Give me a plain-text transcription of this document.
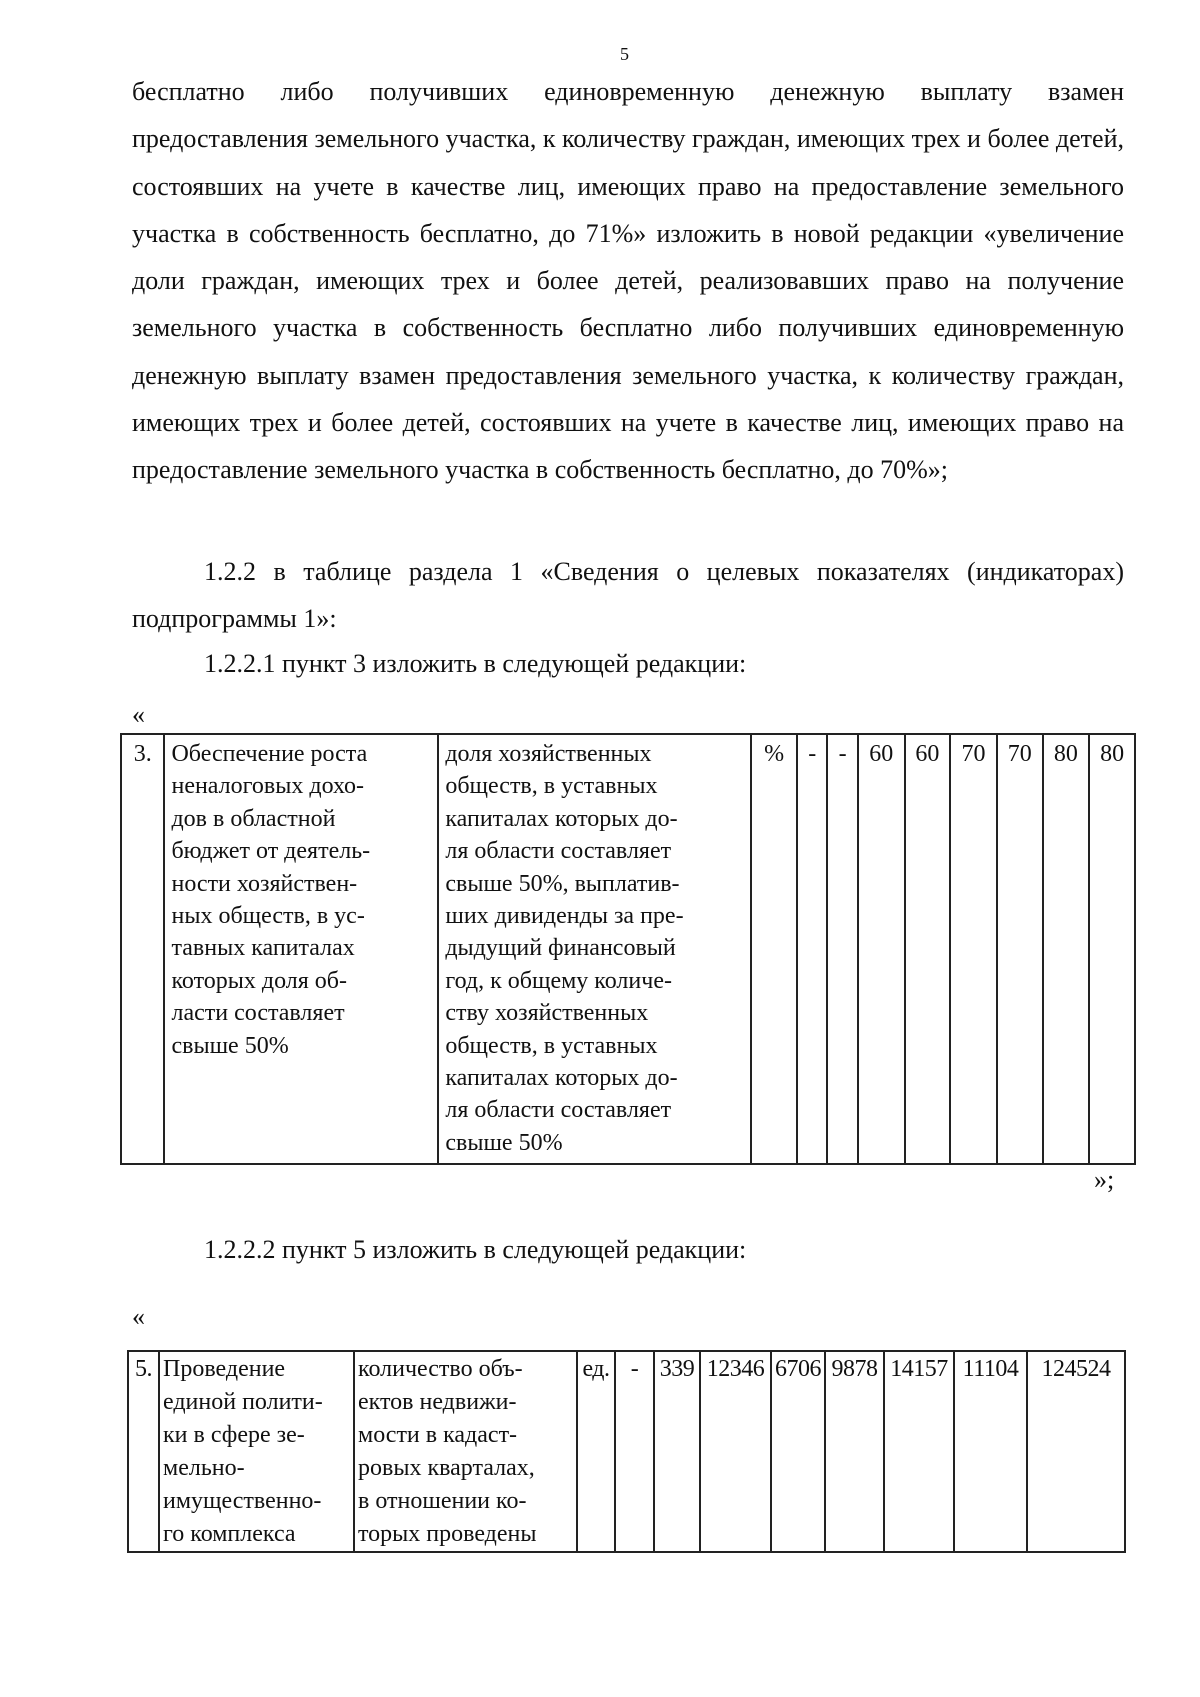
5

бесплатно либо получивших единовременную денежную выплату взамен предоставления земельного участка, к количеству граждан, имеющих трех и более детей, состоявших на учете в качестве лиц, имеющих право на предоставление земельного участка в собственность бесплатно, до 71%» изложить в новой редакции «увеличение доли граждан, имеющих трех и более детей, реализовавших право на получение земельного участка в собственность бесплатно либо получивших единовременную денежную выплату взамен предоставления земельного участка, к количеству граждан, имеющих трех и более детей, состоявших на учете в качестве лиц, имеющих право на предоставление земельного участка в собственность бесплатно, до 70%»;

1.2.2 в таблице раздела 1 «Сведения о целевых показателях (индикаторах) подпрограммы 1»:

1.2.2.1 пункт 3 изложить в следующей редакции:

«
3.	Обеспечение роста
неналоговых дохо-
дов в областной
бюджет от деятель-
ности хозяйствен-
ных обществ, в ус-
тавных капиталах
которых доля об-
ласти составляет
свыше 50%	доля хозяйственных
обществ, в уставных
капиталах которых до-
ля области составляет
свыше 50%, выплатив-
ших дивиденды за пре-
дыдущий финансовый
год, к общему количе-
ству хозяйственных
обществ, в уставных
капиталах которых до-
ля области составляет
свыше 50%	%	-	-	60	60	70	70	80	80
»;

1.2.2.2 пункт 5 изложить в следующей редакции:

«
5.	Проведение
единой полити-
ки в сфере зе-
мельно-
имущественно-
го комплекса	количество объ-
ектов недвижи-
мости в кадаст-
ровых кварталах,
в отношении ко-
торых проведены	ед.	-	339	12346	6706	9878	14157	11104	124524
